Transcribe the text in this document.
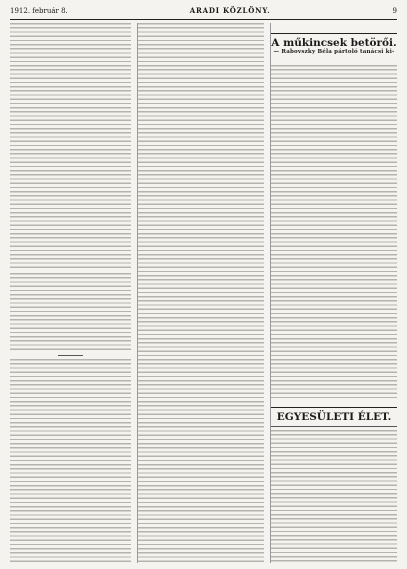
1912. február 8.	ARADI KÖZLÖNY.	9
A műkincsek betörői.
— Rabovszky Béla pártoló tanácsi ki-
EGYESÜLETI ÉLET.
